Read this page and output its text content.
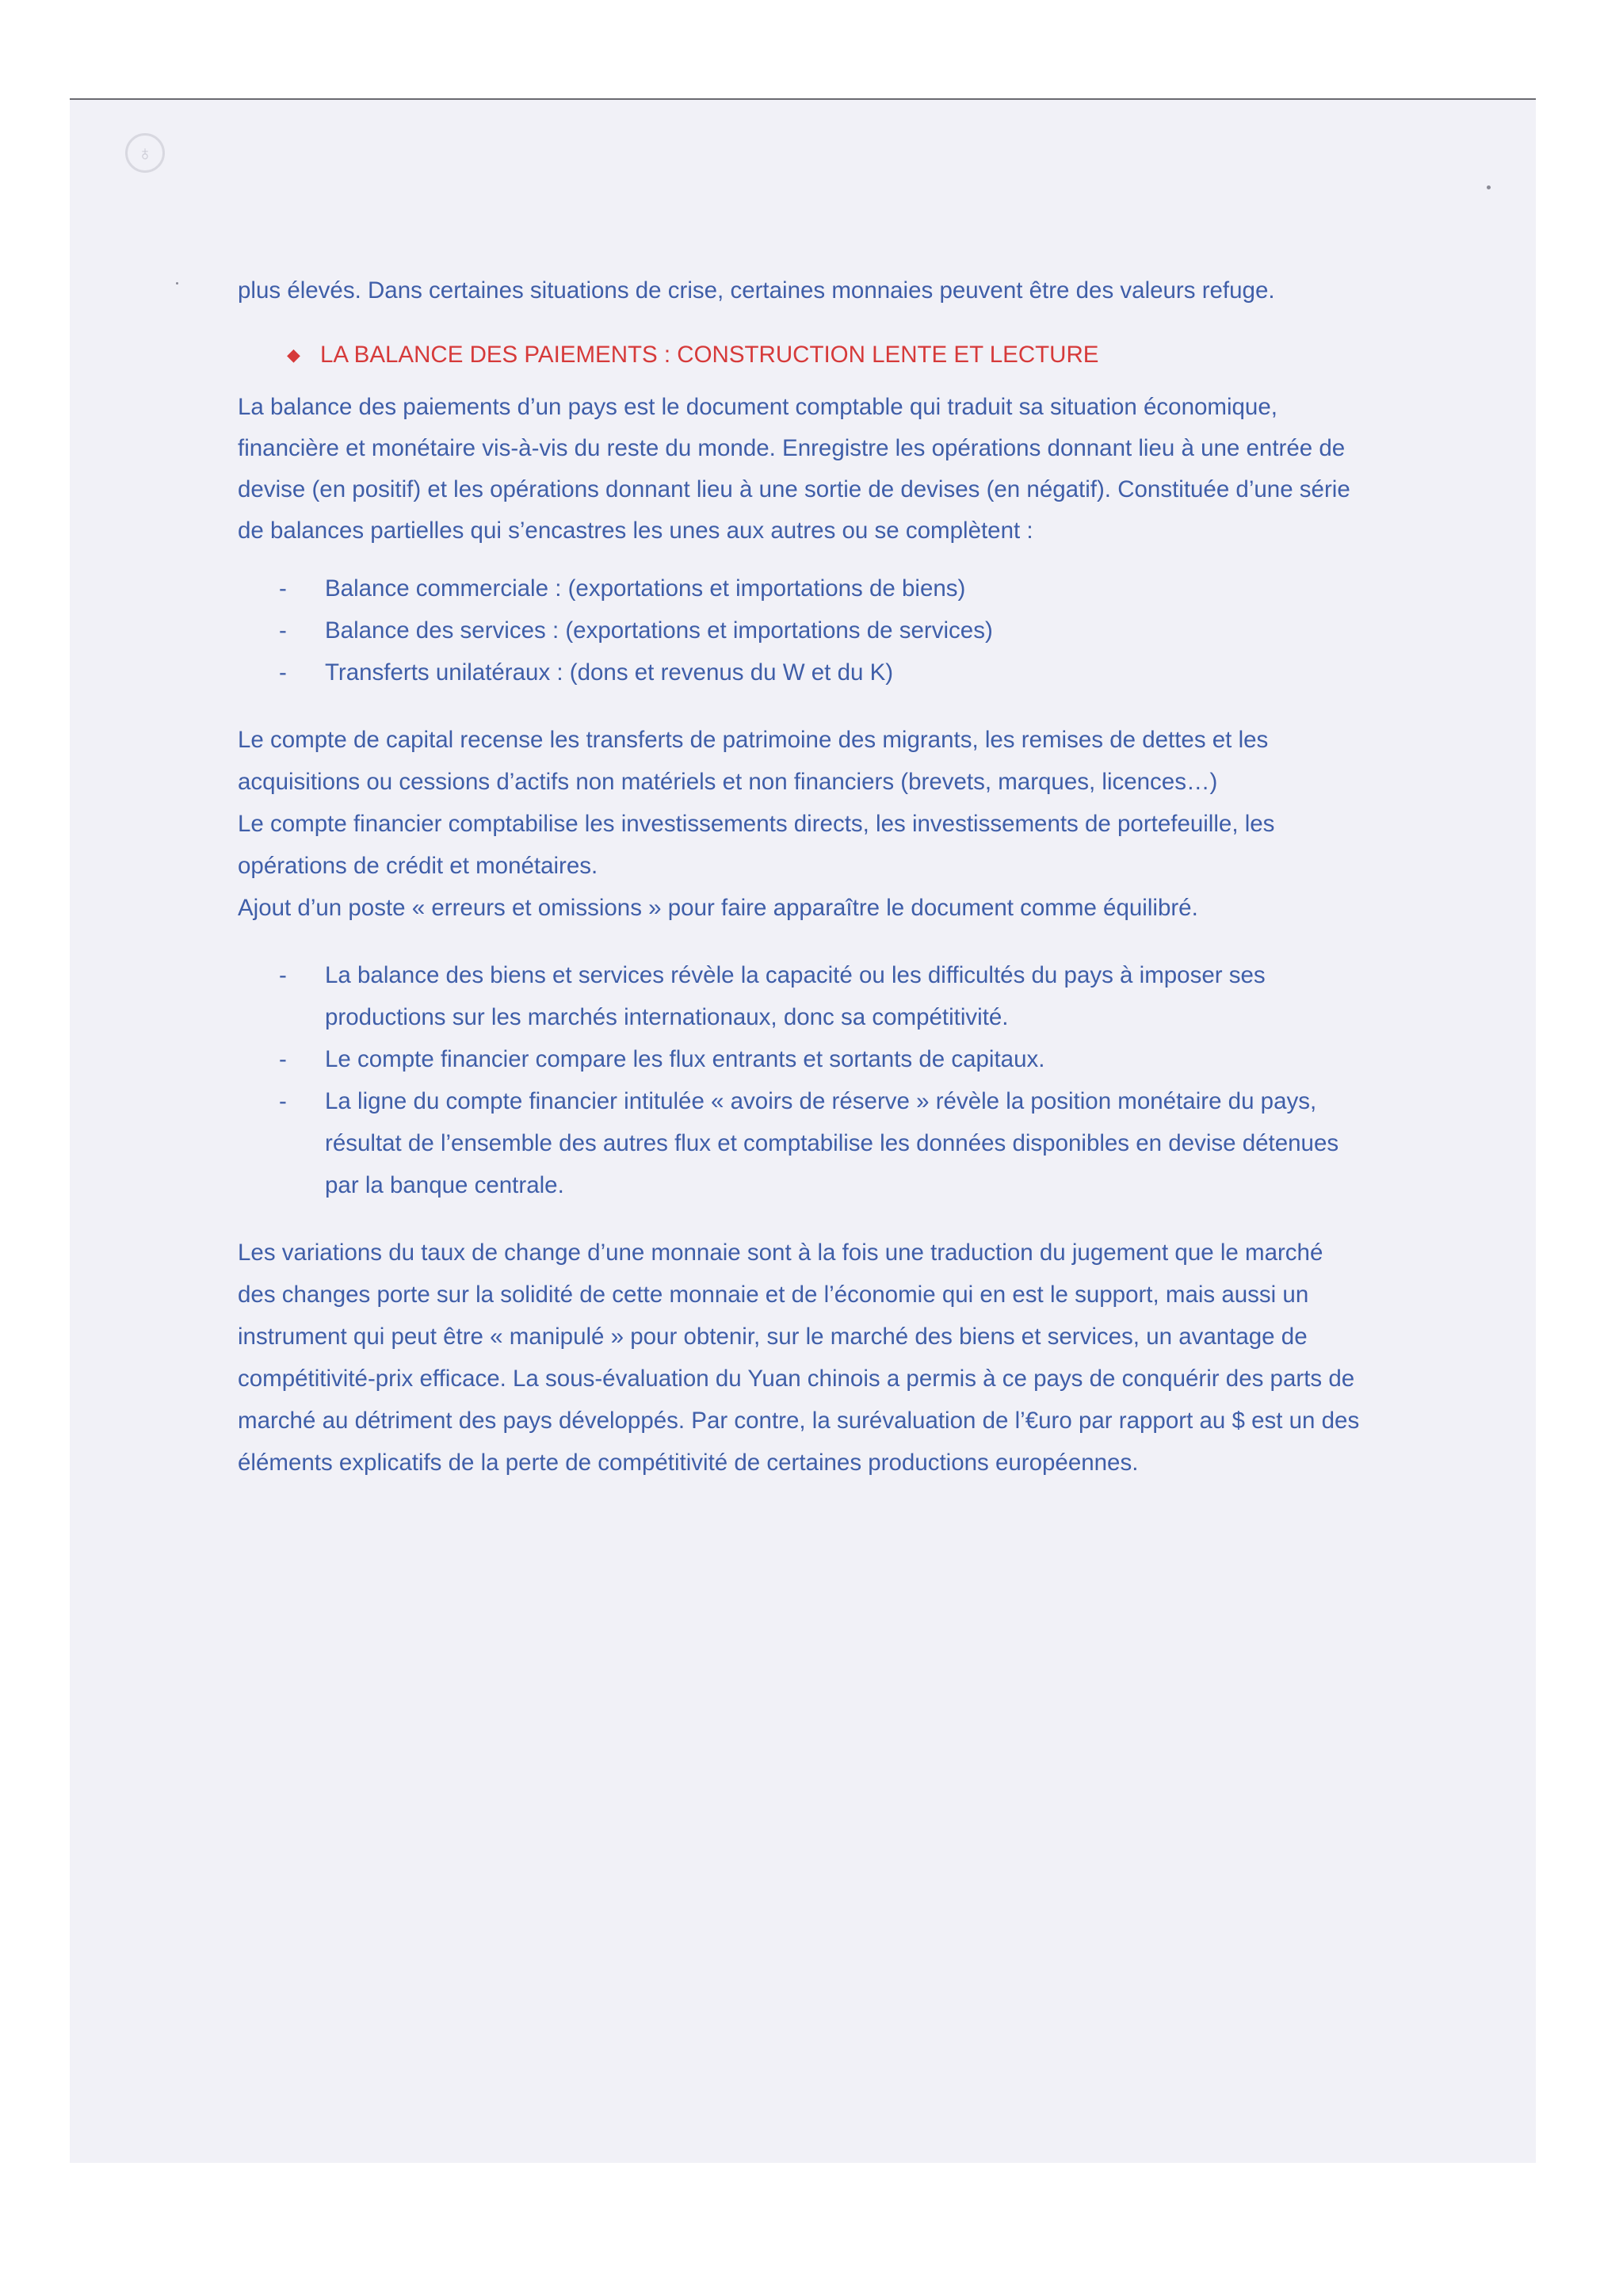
♁

plus élevés. Dans certaines situations de crise, certaines monnaies peuvent être des valeurs refuge.

◆ LA BALANCE DES PAIEMENTS : CONSTRUCTION LENTE ET LECTURE

La balance des paiements d’un pays est le document comptable qui traduit sa situation économique, financière et monétaire vis-à-vis du reste du monde. Enregistre les opérations donnant lieu à une entrée de devise (en positif) et les opérations donnant lieu à une sortie de devises (en négatif). Constituée d’une série de balances partielles qui s’encastres les unes aux autres ou se complètent :

- Balance commerciale : (exportations et importations de biens)
- Balance des services : (exportations et importations de services)
- Transferts unilatéraux : (dons et revenus du W et du K)

Le compte de capital recense les transferts de patrimoine des migrants, les remises de dettes et les acquisitions ou cessions d’actifs non matériels et non financiers (brevets, marques, licences…)

Le compte financier comptabilise les investissements directs, les investissements de portefeuille, les opérations de crédit et monétaires.

Ajout d’un poste « erreurs et omissions » pour faire apparaître le document comme équilibré.

- La balance des biens et services révèle la capacité ou les difficultés du pays à imposer ses productions sur les marchés internationaux, donc sa compétitivité.
- Le compte financier compare les flux entrants et sortants de capitaux.
- La ligne du compte financier intitulée « avoirs de réserve » révèle la position monétaire du pays, résultat de l’ensemble des autres flux et comptabilise les données disponibles en devise détenues par la banque centrale.

Les variations du taux de change d’une monnaie sont à la fois une traduction du jugement que le marché des changes porte sur la solidité de cette monnaie et de l’économie qui en est le support, mais aussi un instrument qui peut être « manipulé » pour obtenir, sur le marché des biens et services, un avantage de compétitivité-prix efficace. La sous-évaluation du Yuan chinois a permis à ce pays de conquérir des parts de marché au détriment des pays développés. Par contre, la surévaluation de l’€uro par rapport au $ est un des éléments explicatifs de la perte de compétitivité de certaines productions européennes.
